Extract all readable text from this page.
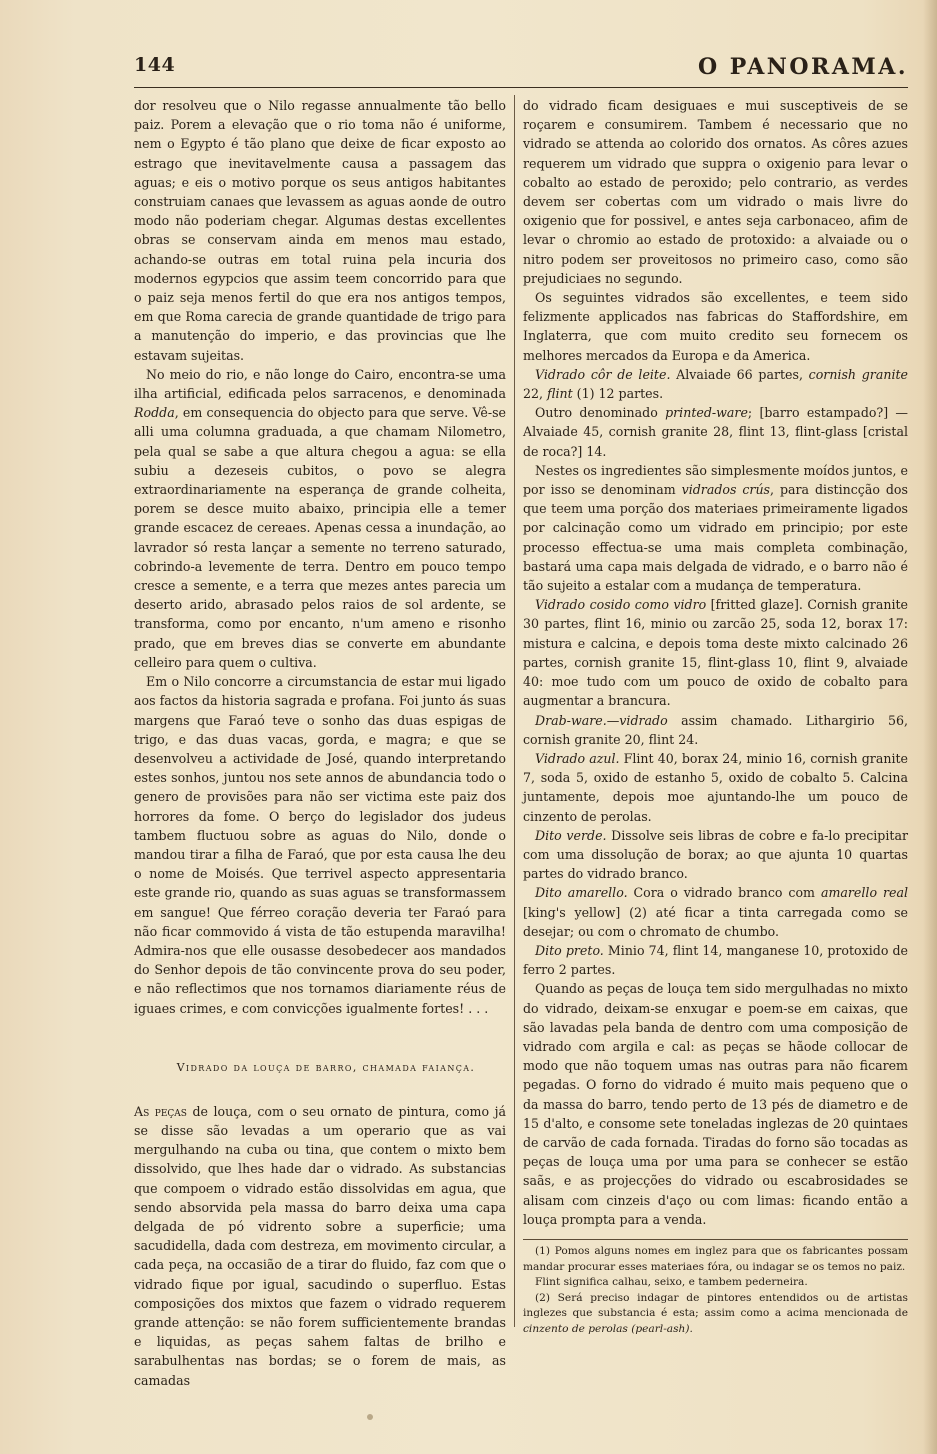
144	O PANORAMA.

dor resolveu que o Nilo regasse annualmente tão bello paiz. Porem a elevação que o rio toma não é uniforme, nem o Egypto é tão plano que deixe de ficar exposto ao estrago que inevitavelmente causa a passagem das aguas; e eis o motivo porque os seus antigos habitantes construiam canaes que levassem as aguas aonde de outro modo não poderiam chegar. Algumas destas excellentes obras se conservam ainda em menos mau estado, achando-se outras em total ruina pela incuria dos modernos egypcios que assim teem concorrido para que o paiz seja menos fertil do que era nos antigos tempos, em que Roma carecia de grande quantidade de trigo para a manutenção do imperio, e das provincias que lhe estavam sujeitas.

No meio do rio, e não longe do Cairo, encontra-se uma ilha artificial, edificada pelos sarracenos, e denominada Rodda, em consequencia do objecto para que serve. Vê-se alli uma columna graduada, a que chamam Nilometro, pela qual se sabe a que altura chegou a agua: se ella subiu a dezeseis cubitos, o povo se alegra extraordinariamente na esperança de grande colheita, porem se desce muito abaixo, principia elle a temer grande escacez de cereaes. Apenas cessa a inundação, ao lavrador só resta lançar a semente no terreno saturado, cobrindo-a levemente de terra. Dentro em pouco tempo cresce a semente, e a terra que mezes antes parecia um deserto arido, abrasado pelos raios de sol ardente, se transforma, como por encanto, n'um ameno e risonho prado, que em breves dias se converte em abundante celleiro para quem o cultiva.

Em o Nilo concorre a circumstancia de estar mui ligado aos factos da historia sagrada e profana. Foi junto ás suas margens que Faraó teve o sonho das duas espigas de trigo, e das duas vacas, gorda, e magra; e que se desenvolveu a actividade de José, quando interpretando estes sonhos, juntou nos sete annos de abundancia todo o genero de provisões para não ser victima este paiz dos horrores da fome. O berço do legislador dos judeus tambem fluctuou sobre as aguas do Nilo, donde o mandou tirar a filha de Faraó, que por esta causa lhe deu o nome de Moisés. Que terrivel aspecto appresentaria este grande rio, quando as suas aguas se transformassem em sangue! Que férreo coração deveria ter Faraó para não ficar commovido á vista de tão estupenda maravilha! Admira-nos que elle ousasse desobedecer aos mandados do Senhor depois de tão convincente prova do seu poder, e não reflectimos que nos tornamos diariamente réus de iguaes crimes, e com convicções igualmente fortes! . . .

Vidrado da louça de barro, chamada faiança.

As peças de louça, com o seu ornato de pintura, como já se disse são levadas a um operario que as vai mergulhando na cuba ou tina, que contem o mixto bem dissolvido, que lhes hade dar o vidrado. As substancias que compoem o vidrado estão dissolvidas em agua, que sendo absorvida pela massa do barro deixa uma capa delgada de pó vidrento sobre a superficie; uma sacudidella, dada com destreza, em movimento circular, a cada peça, na occasião de a tirar do fluido, faz com que o vidrado fique por igual, sacudindo o superfluo. Estas composições dos mixtos que fazem o vidrado requerem grande attenção: se não forem sufficientemente brandas e liquidas, as peças sahem faltas de brilho e sarabulhentas nas bordas; se o forem de mais, as camadas

do vidrado ficam desiguaes e mui susceptiveis de se roçarem e consumirem. Tambem é necessario que no vidrado se attenda ao colorido dos ornatos. As côres azues requerem um vidrado que supprа o oxigenio para levar o cobalto ao estado de peroxido; pelo contrario, as verdes devem ser cobertas com um vidrado o mais livre do oxigenio que for possivel, e antes seja carbonaceo, afim de levar o chromio ao estado de protoxido: a alvaiade ou o nitro podem ser proveitosos no primeiro caso, como são prejudiciaes no segundo.

Os seguintes vidrados são excellentes, e teem sido felizmente applicados nas fabricas do Staffordshire, em Inglaterra, que com muito credito seu fornecem os melhores mercados da Europa e da America.

Vidrado côr de leite. Alvaiade 66 partes, cornish granite 22, flint (1) 12 partes.

Outro denominado printed-ware; [barro estampado?] — Alvaiade 45, cornish granite 28, flint 13, flint-glass [cristal de roca?] 14.

Nestes os ingredientes são simplesmente moídos juntos, e por isso se denominam vidrados crús, para distincção dos que teem uma porção dos materiaes primeiramente ligados por calcinação como um vidrado em principio; por este processo effectua-se uma mais completa combinação, bastará uma capa mais delgada de vidrado, e o barro não é tão sujeito a estalar com a mudança de temperatura.

Vidrado cosido como vidro [fritted glaze]. Cornish granite 30 partes, flint 16, minio ou zarcão 25, soda 12, borax 17: mistura e calcina, e depois toma deste mixto calcinado 26 partes, cornish granite 15, flint-glass 10, flint 9, alvaiade 40: moe tudo com um pouco de oxido de cobalto para augmentar a brancura.

Drab-ware.—vidrado assim chamado. Lithargirio 56, cornish granite 20, flint 24.

Vidrado azul. Flint 40, borax 24, minio 16, cornish granite 7, soda 5, oxido de estanho 5, oxido de cobalto 5. Calcina juntamente, depois moe ajuntando-lhe um pouco de cinzento de perolas.

Dito verde. Dissolve seis libras de cobre e fa-lo precipitar com uma dissolução de borax; ao que ajunta 10 quartas partes do vidrado branco.

Dito amarello. Cora o vidrado branco com amarello real [king's yellow] (2) até ficar a tinta carregada como se desejar; ou com o chromato de chumbo.

Dito preto. Minio 74, flint 14, manganese 10, protoxido de ferro 2 partes.

Quando as peças de louça tem sido mergulhadas no mixto do vidrado, deixam-se enxugar e poem-se em caixas, que são lavadas pela banda de dentro com uma composição de vidrado com argila e cal: as peças se hãode collocar de modo que não toquem umas nas outras para não ficarem pegadas. O forno do vidrado é muito mais pequeno que o da massa do barro, tendo perto de 13 pés de diametro e de 15 d'alto, e consome sete toneladas inglezas de 20 quintaes de carvão de cada fornada. Tiradas do forno são tocadas as peças de louça uma por uma para se conhecer se estão saãs, e as projecções do vidrado ou escabrosidades se alisam com cinzeis d'aço ou com limas: ficando então a louça prompta para a venda.

(1) Pomos alguns nomes em inglez para que os fabricantes possam mandar procurar esses materiaes fóra, ou indagar se os temos no paiz.

Flint significa calhau, seixo, e tambem pederneira.

(2) Será preciso indagar de pintores entendidos ou de artistas inglezes que substancia é esta; assim como a acima mencionada de cinzento de perolas (pearl-ash).
